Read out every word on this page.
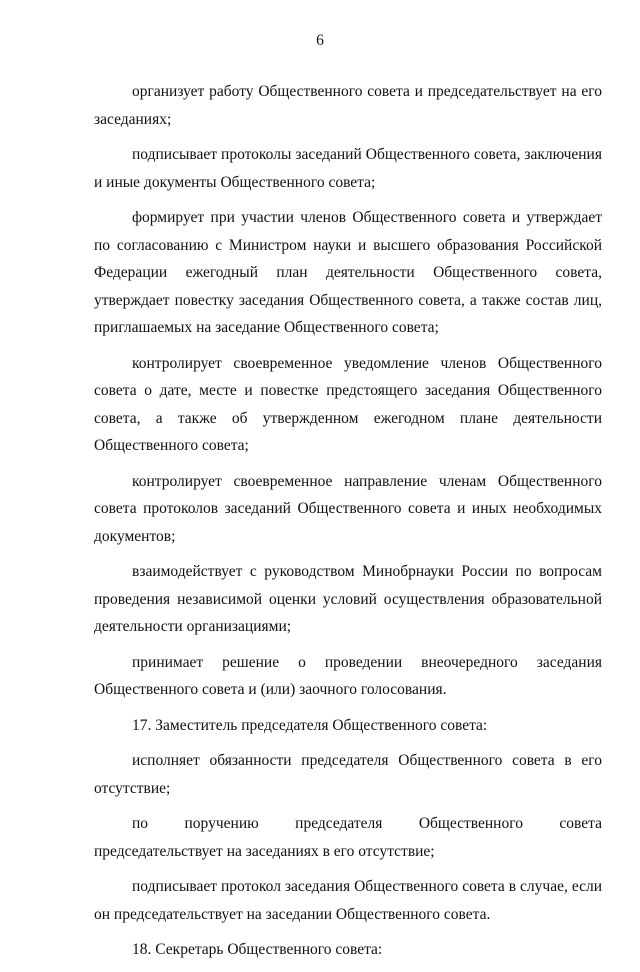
6

организует работу Общественного совета и председательствует на его заседаниях;

подписывает протоколы заседаний Общественного совета, заключения и иные документы Общественного совета;

формирует при участии членов Общественного совета и утверждает по согласованию с Министром науки и высшего образования Российской Федерации ежегодный план деятельности Общественного совета, утверждает повестку заседания Общественного совета, а также состав лиц, приглашаемых на заседание Общественного совета;

контролирует своевременное уведомление членов Общественного совета о дате, месте и повестке предстоящего заседания Общественного совета, а также об утвержденном ежегодном плане деятельности Общественного совета;

контролирует своевременное направление членам Общественного совета протоколов заседаний Общественного совета и иных необходимых документов;

взаимодействует с руководством Минобрнауки России по вопросам проведения независимой оценки условий осуществления образовательной деятельности организациями;

принимает решение о проведении внеочередного заседания Общественного совета и (или) заочного голосования.

17. Заместитель председателя Общественного совета:

исполняет обязанности председателя Общественного совета в его отсутствие;

по поручению председателя Общественного совета председательствует на заседаниях в его отсутствие;

подписывает протокол заседания Общественного совета в случае, если он председательствует на заседании Общественного совета.

18. Секретарь Общественного совета:
